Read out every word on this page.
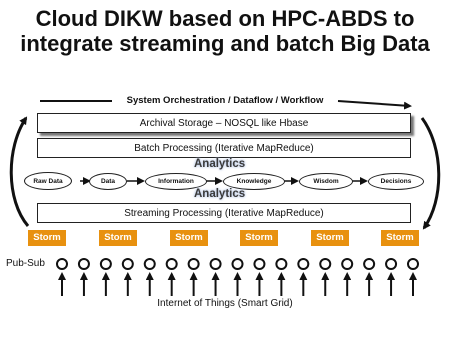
Cloud DIKW based on HPC-ABDS to
integrate streaming and batch Big Data
System Orchestration / Dataflow / Workflow
Archival Storage – NOSQL like Hbase
Batch Processing (Iterative MapReduce)
Analytics
Raw Data	Data	Information	Knowledge	Wisdom	Decisions
Analytics
Streaming Processing (Iterative MapReduce)
Storm	Storm	Storm	Storm	Storm	Storm
Pub-Sub
Internet of Things (Smart Grid)
